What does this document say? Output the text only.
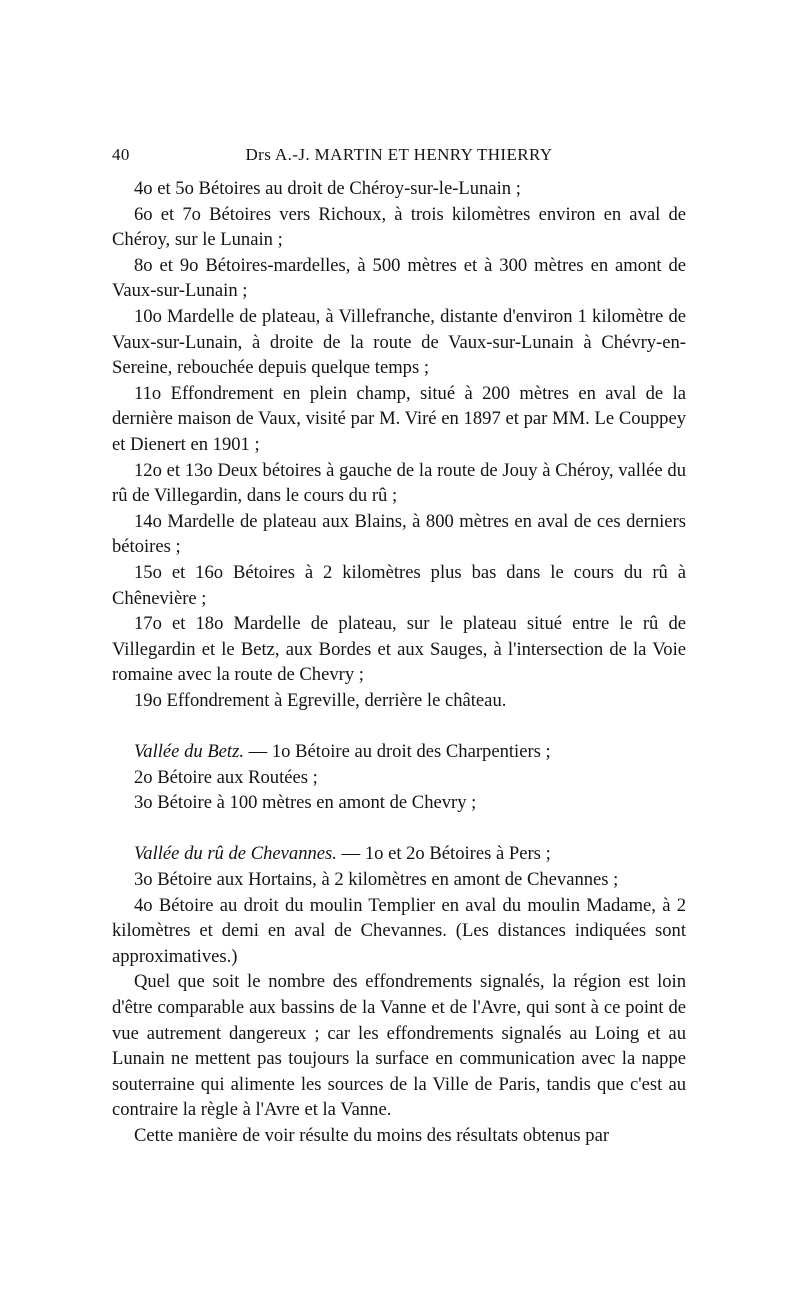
40	Drs A.-J. MARTIN ET HENRY THIERRY

4o et 5o Bétoires au droit de Chéroy-sur-le-Lunain ;

6o et 7o Bétoires vers Richoux, à trois kilomètres environ en aval de Chéroy, sur le Lunain ;

8o et 9o Bétoires-mardelles, à 500 mètres et à 300 mètres en amont de Vaux-sur-Lunain ;

10o Mardelle de plateau, à Villefranche, distante d'environ 1 kilomètre de Vaux-sur-Lunain, à droite de la route de Vaux-sur-Lunain à Chévry-en-Sereine, rebouchée depuis quelque temps ;

11o Effondrement en plein champ, situé à 200 mètres en aval de la dernière maison de Vaux, visité par M. Viré en 1897 et par MM. Le Couppey et Dienert en 1901 ;

12o et 13o Deux bétoires à gauche de la route de Jouy à Chéroy, vallée du rû de Villegardin, dans le cours du rû ;

14o Mardelle de plateau aux Blains, à 800 mètres en aval de ces derniers bétoires ;

15o et 16o Bétoires à 2 kilomètres plus bas dans le cours du rû à Chênevière ;

17o et 18o Mardelle de plateau, sur le plateau situé entre le rû de Villegardin et le Betz, aux Bordes et aux Sauges, à l'intersection de la Voie romaine avec la route de Chevry ;

19o Effondrement à Egreville, derrière le château.

Vallée du Betz. — 1o Bétoire au droit des Charpentiers ;

2o Bétoire aux Routées ;

3o Bétoire à 100 mètres en amont de Chevry ;

Vallée du rû de Chevannes. — 1o et 2o Bétoires à Pers ;

3o Bétoire aux Hortains, à 2 kilomètres en amont de Chevannes ;

4o Bétoire au droit du moulin Templier en aval du moulin Madame, à 2 kilomètres et demi en aval de Chevannes. (Les distances indiquées sont approximatives.)

Quel que soit le nombre des effondrements signalés, la région est loin d'être comparable aux bassins de la Vanne et de l'Avre, qui sont à ce point de vue autrement dangereux ; car les effondrements signalés au Loing et au Lunain ne mettent pas toujours la surface en communication avec la nappe souterraine qui alimente les sources de la Ville de Paris, tandis que c'est au contraire la règle à l'Avre et la Vanne.

Cette manière de voir résulte du moins des résultats obtenus par
